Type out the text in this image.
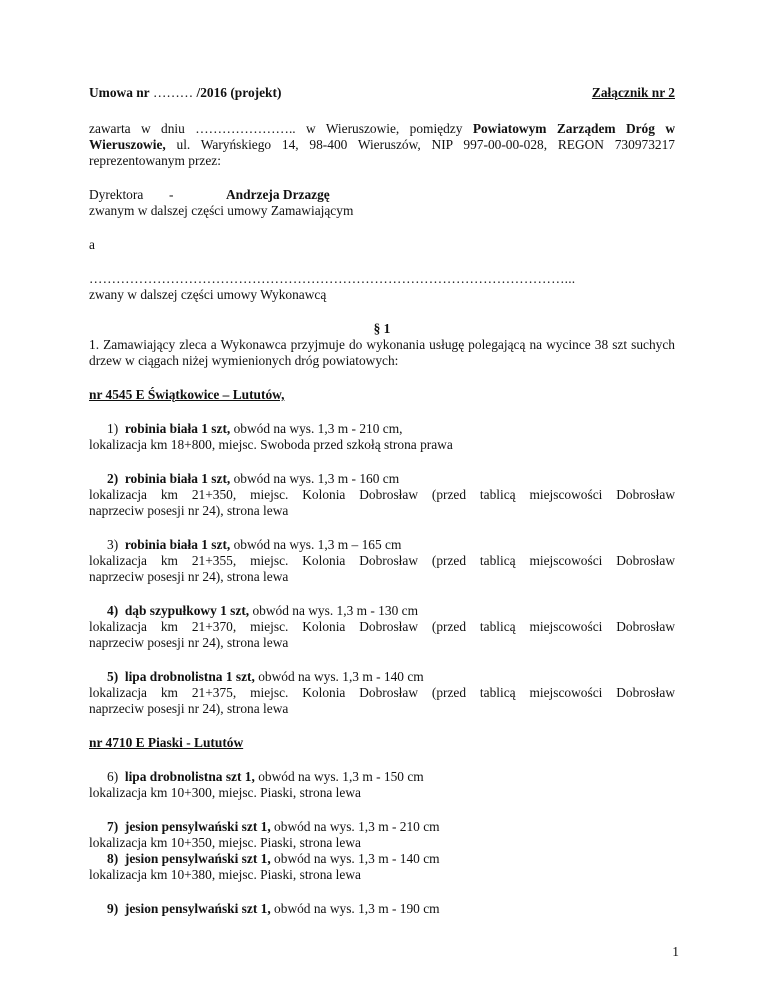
Umowa nr ……… /2016 (projekt)	Załącznik nr 2
zawarta w dniu ………………….. w Wieruszowie, pomiędzy Powiatowym Zarządem Dróg w Wieruszowie, ul. Waryńskiego 14, 98-400 Wieruszów, NIP 997-00-00-028, REGON 730973217 reprezentowanym przez:
Dyrektora -	Andrzeja Drzazgę
zwanym w dalszej części umowy Zamawiającym
a
……………………………………………………………………………………………...
zwany w dalszej części umowy Wykonawcą
§ 1
1. Zamawiający zleca a Wykonawca przyjmuje do wykonania usługę polegającą na wycince 38 szt suchych drzew w ciągach niżej wymienionych dróg powiatowych:
nr 4545 E Świątkowice – Lututów,
1) robinia biała 1 szt, obwód na wys. 1,3 m - 210 cm,
lokalizacja km 18+800, miejsc. Swoboda przed szkołą strona prawa
2) robinia biała 1 szt, obwód na wys. 1,3 m - 160 cm
lokalizacja km 21+350, miejsc. Kolonia Dobrosław (przed tablicą miejscowości Dobrosław
naprzeciw posesji nr 24), strona lewa
3) robinia biała 1 szt, obwód na wys. 1,3 m – 165 cm
lokalizacja km 21+355, miejsc. Kolonia Dobrosław (przed tablicą miejscowości Dobrosław
naprzeciw posesji nr 24), strona lewa
4) dąb szypułkowy 1 szt, obwód na wys. 1,3 m - 130 cm
lokalizacja km 21+370, miejsc. Kolonia Dobrosław (przed tablicą miejscowości Dobrosław
naprzeciw posesji nr 24), strona lewa
5) lipa drobnolistna 1 szt, obwód na wys. 1,3 m - 140 cm
lokalizacja km 21+375, miejsc. Kolonia Dobrosław (przed tablicą miejscowości Dobrosław
naprzeciw posesji nr 24), strona lewa
nr 4710 E Piaski - Lututów
6) lipa drobnolistna szt 1, obwód na wys. 1,3 m - 150 cm
lokalizacja km 10+300, miejsc. Piaski, strona lewa
7) jesion pensylwański szt 1, obwód na wys. 1,3 m - 210 cm
lokalizacja km 10+350, miejsc. Piaski, strona lewa
8) jesion pensylwański szt 1, obwód na wys. 1,3 m - 140 cm
lokalizacja km 10+380, miejsc. Piaski, strona lewa
9) jesion pensylwański szt 1, obwód na wys. 1,3 m - 190 cm
1
